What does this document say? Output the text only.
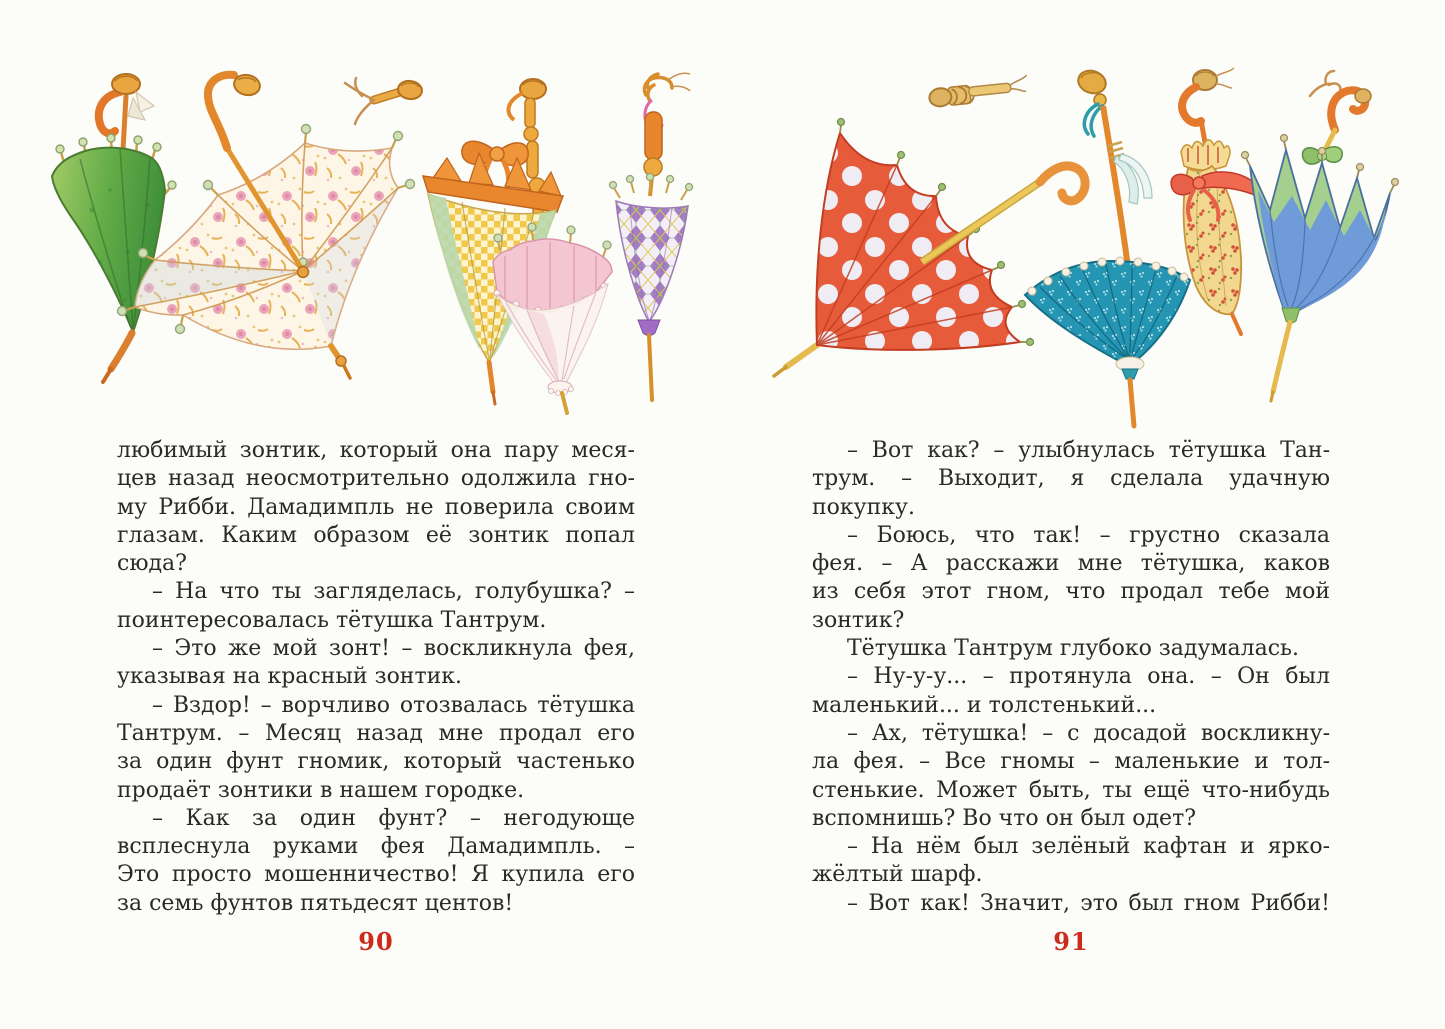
любимый зонтик, который она пару меся-
цев назад неосмотрительно одолжила гно-
му Рибби. Дамадимпль не поверила своим
глазам. Каким образом её зонтик попал
сюда?
– На что ты загляделась, голубушка? –
поинтересовалась тётушка Тантрум.
– Это же мой зонт! – воскликнула фея,
указывая на красный зонтик.
– Вздор! – ворчливо отозвалась тётушка
Тантрум. – Месяц назад мне продал его
за один фунт гномик, который частенько
продаёт зонтики в нашем городке.
– Как за один фунт? – негодующе
всплеснула руками фея Дамадимпль. –
Это просто мошенничество! Я купила его
за семь фунтов пятьдесят центов!
90
– Вот как? – улыбнулась тётушка Тан-
трум. – Выходит, я сделала удачную
покупку.
– Боюсь, что так! – грустно сказала
фея. – А расскажи мне тётушка, каков
из себя этот гном, что продал тебе мой
зонтик?
Тётушка Тантрум глубоко задумалась.
– Ну-у-у... – протянула она. – Он был
маленький... и толстенький...
– Ах, тётушка! – с досадой воскликну-
ла фея. – Все гномы – маленькие и тол-
стенькие. Может быть, ты ещё что-нибудь
вспомнишь? Во что он был одет?
– На нём был зелёный кафтан и ярко-
жёлтый шарф.
– Вот как! Значит, это был гном Рибби!
91
